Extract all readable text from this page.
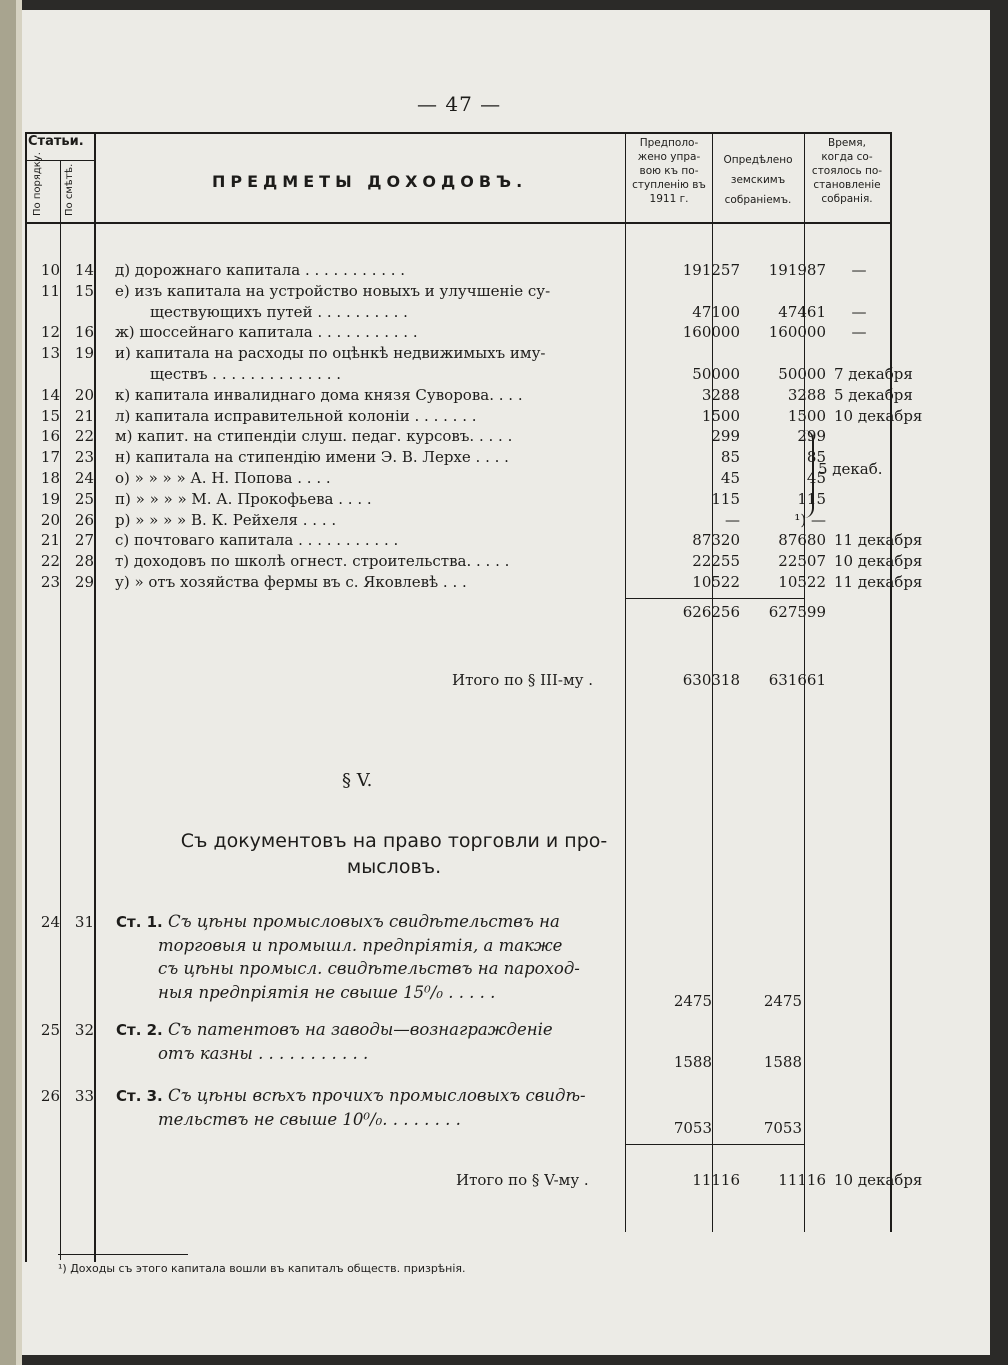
— 47 —
Статьи.
По порядку. По смѣтѣ.	ПРЕДМЕТЫ ДОХОДОВЪ.
Предполо-
жено упра-
вою къ по-
ступленію въ
1911 г.
Опредѣлено
земскимъ
собраніемъ.
Время,
когда со-
стоялось по-
становленіе
собранія.
10 14 д) дорожнаго капитала . . . . . . . . . . .	191257	191987	—
11 15 е) изъ капитала на устройство новыхъ и улучшеніе су-
ществующихъ путей . . . . . . . . . .	47100	47461	—
12 16 ж) шоссейнаго капитала . . . . . . . . . . .	160000	160000	—
13 19 и) капитала на расходы по оцѣнкѣ недвижимыхъ иму-
ществъ . . . . . . . . . . . . . .	50000	50000 7 декабря
14 20 к) капитала инвалиднаго дома князя Суворова. . . .	3288	3288 5 декабря
15 21 л) капитала исправительной колоніи . . . . . . .	1500	1500 10 декабря
16 22 м) капит. на стипендіи слуш. педаг. курсовъ. . . . .	299	299
17 23 н) капитала на стипендію имени Э. В. Лерхе . . . .	85	85
18 24 о) » » » » А. Н. Попова . . . .	45	45
19 25 п) » » » » М. А. Прокофьева . . . .	115	115
20 26 р) » » » » В. К. Рейхеля . . . .	—	¹) —
21 27 с) почтоваго капитала . . . . . . . . . . .	87320	87680 11 декабря
22 28 т) доходовъ по школѣ огнест. строительства. . . . .	22255	22507 10 декабря
23 29 у) » отъ хозяйства фермы въ с. Яковлевѣ . . .	10522	10522 11 декабря
5 декаб.
626256	627599
Итого по § III-му .	630318	631661
§ V.
Съ документовъ на право торговли и про- мысловъ.
24 31 Ст. 1. Съ цѣны промысловыхъ свидѣтельствъ на
торговыя и промышл. предпріятія, а также
съ цѣны промысл. свидѣтельствъ на пароход-
ныя предпріятія не свыше 15⁰/₀ . . . . .	2475	2475
25 32 Ст. 2. Съ патентовъ на заводы—вознагражденіе
отъ казны . . . . . . . . . . .	1588	1588
26 33 Ст. 3. Съ цѣны всѣхъ прочихъ промысловыхъ свидѣ-
тельствъ не свыше 10⁰/₀. . . . . . . .	7053	7053
Итого по § V-му .	11116	11116 10 декабря
¹) Доходы съ этого капитала вошли въ капиталъ обществ. призрѣнія.
